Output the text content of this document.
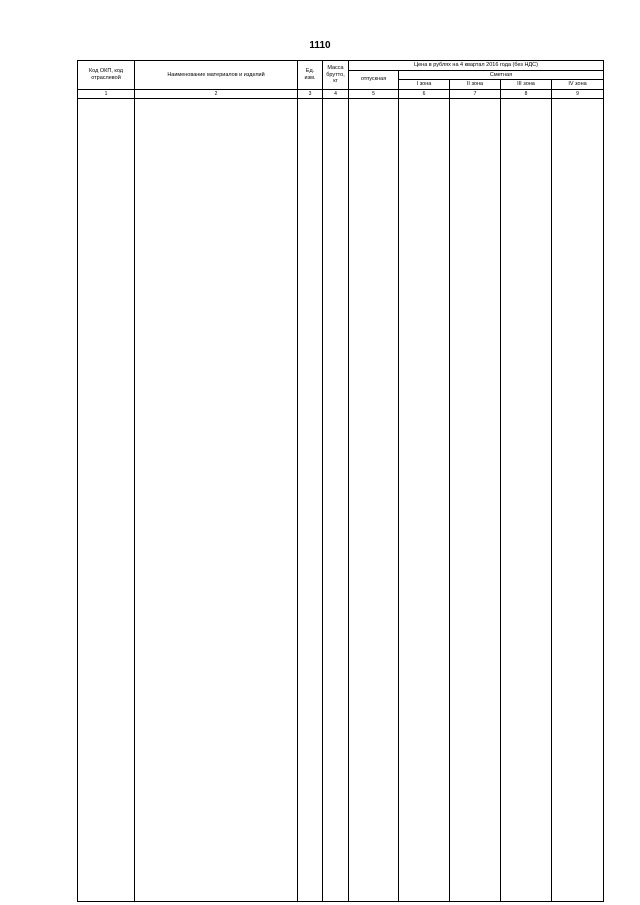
1110
Код ОКП, код отраслевой	Наименование материалов и изделий	Ед. изм.	Масса брутто, кг	Цена в рублях на 4 квартал 2016 года (без НДС)				
				отпускная	Сметная			
					I зона	II зона	III зона	IV зона
1	2	3	4	5	6	7	8	9
